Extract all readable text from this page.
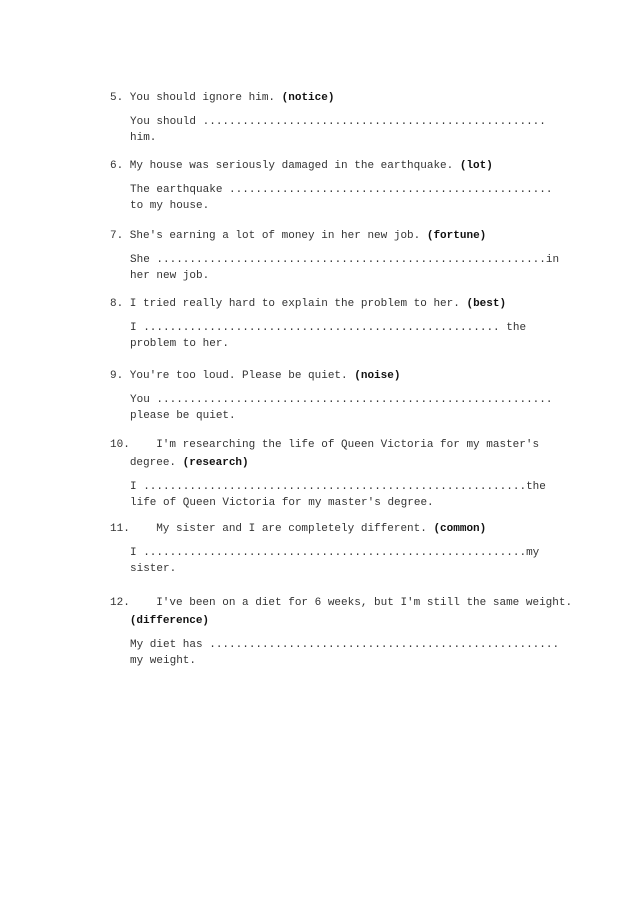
5. You should ignore him. (notice)
You should ....................................................
him.
6. My house was seriously damaged in the earthquake. (lot)
The earthquake .................................................
to my house.
7. She's earning a lot of money in her new job. (fortune)
She ...........................................................in
her new job.
8. I tried really hard to explain the problem to her. (best)
I ...................................................... the
problem to her.
9. You're too loud. Please be quiet. (noise)
You ............................................................
please be quiet.
10.    I'm researching the life of Queen Victoria for my master's
degree. (research)
I ..........................................................the
life of Queen Victoria for my master's degree.
11.    My sister and I are completely different. (common)
I ..........................................................my
sister.
12.    I've been on a diet for 6 weeks, but I'm still the same weight.
(difference)
My diet has .....................................................
my weight.
